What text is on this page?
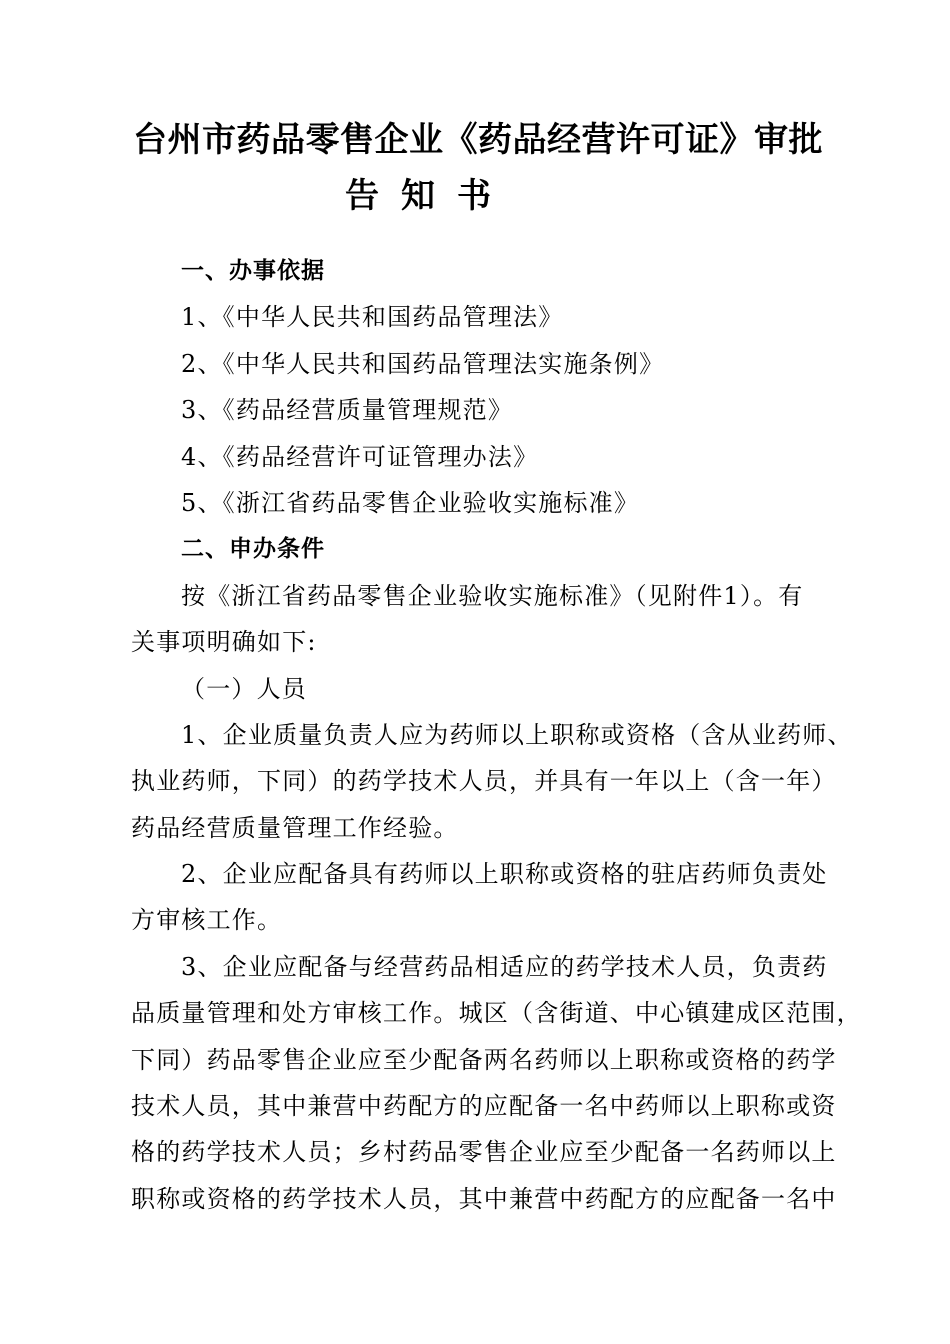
台州市药品零售企业《药品经营许可证》审批
告知书
一、办事依据
1、《中华人民共和国药品管理法》
2、《中华人民共和国药品管理法实施条例》
3、《药品经营质量管理规范》
4、《药品经营许可证管理办法》
5、《浙江省药品零售企业验收实施标准》
二、申办条件
按《浙江省药品零售企业验收实施标准》（见附件1）。有
关事项明确如下:
（一）人员
1、企业质量负责人应为药师以上职称或资格（含从业药师、
执业药师，下同）的药学技术人员，并具有一年以上（含一年）
药品经营质量管理工作经验。
2、企业应配备具有药师以上职称或资格的驻店药师负责处
方审核工作。
3、企业应配备与经营药品相适应的药学技术人员，负责药
品质量管理和处方审核工作。城区（含街道、中心镇建成区范围，
下同）药品零售企业应至少配备两名药师以上职称或资格的药学
技术人员，其中兼营中药配方的应配备一名中药师以上职称或资
格的药学技术人员；乡村药品零售企业应至少配备一名药师以上
职称或资格的药学技术人员，其中兼营中药配方的应配备一名中
